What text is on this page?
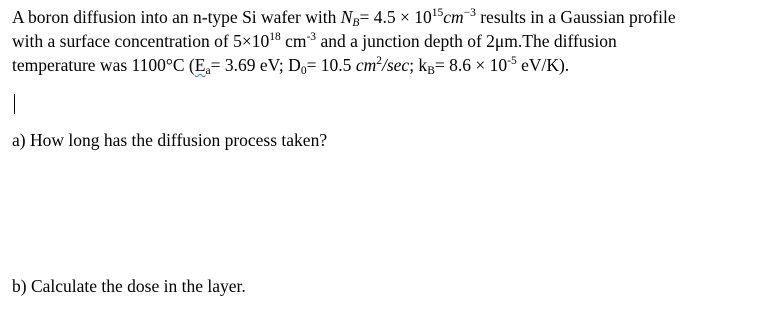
A boron diffusion into an n-type Si wafer with $NB= 4.5 \times 10^{15}cm^{-3}$ results in a Gaussian profile
with a surface concentration of $5\times 10^{18}$ $cm^{-3}$ and a junction depth of 2μm.The diffusion
temperature was 1100°C (Ea= 3.69 eV; D0= 10.5 $cm^2/\sec$; $kB= 8.6 \times 10^{-5}$ eV/K).
a) How long has the diffusion process taken?
b) Calculate the dose in the layer.
